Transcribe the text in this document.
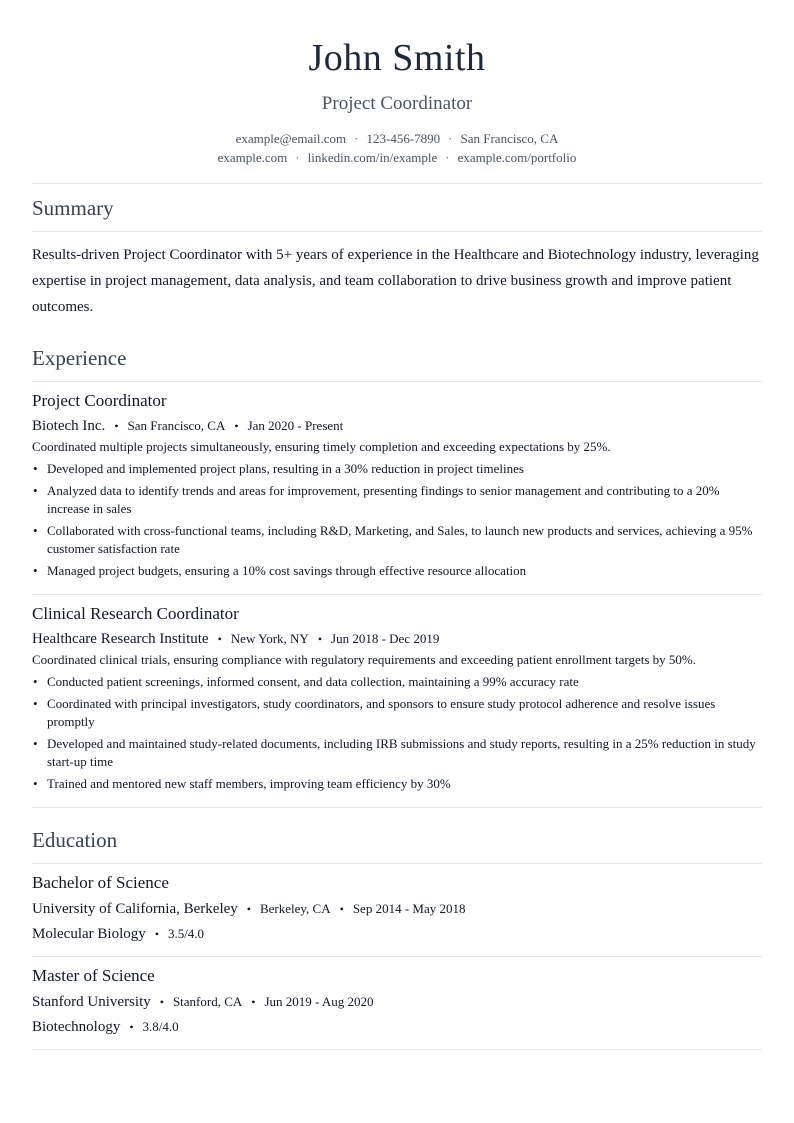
John Smith
Project Coordinator
example@email.com · 123-456-7890 · San Francisco, CA
example.com · linkedin.com/in/example · example.com/portfolio
Summary
Results-driven Project Coordinator with 5+ years of experience in the Healthcare and Biotechnology industry, leveraging expertise in project management, data analysis, and team collaboration to drive business growth and improve patient outcomes.
Experience
Project Coordinator
Biotech Inc. • San Francisco, CA • Jan 2020 - Present
Coordinated multiple projects simultaneously, ensuring timely completion and exceeding expectations by 25%.
• Developed and implemented project plans, resulting in a 30% reduction in project timelines
• Analyzed data to identify trends and areas for improvement, presenting findings to senior management and contributing to a 20% increase in sales
• Collaborated with cross-functional teams, including R&D, Marketing, and Sales, to launch new products and services, achieving a 95% customer satisfaction rate
• Managed project budgets, ensuring a 10% cost savings through effective resource allocation
Clinical Research Coordinator
Healthcare Research Institute • New York, NY • Jun 2018 - Dec 2019
Coordinated clinical trials, ensuring compliance with regulatory requirements and exceeding patient enrollment targets by 50%.
• Conducted patient screenings, informed consent, and data collection, maintaining a 99% accuracy rate
• Coordinated with principal investigators, study coordinators, and sponsors to ensure study protocol adherence and resolve issues promptly
• Developed and maintained study-related documents, including IRB submissions and study reports, resulting in a 25% reduction in study start-up time
• Trained and mentored new staff members, improving team efficiency by 30%
Education
Bachelor of Science
University of California, Berkeley • Berkeley, CA • Sep 2014 - May 2018
Molecular Biology • 3.5/4.0
Master of Science
Stanford University • Stanford, CA • Jun 2019 - Aug 2020
Biotechnology • 3.8/4.0
